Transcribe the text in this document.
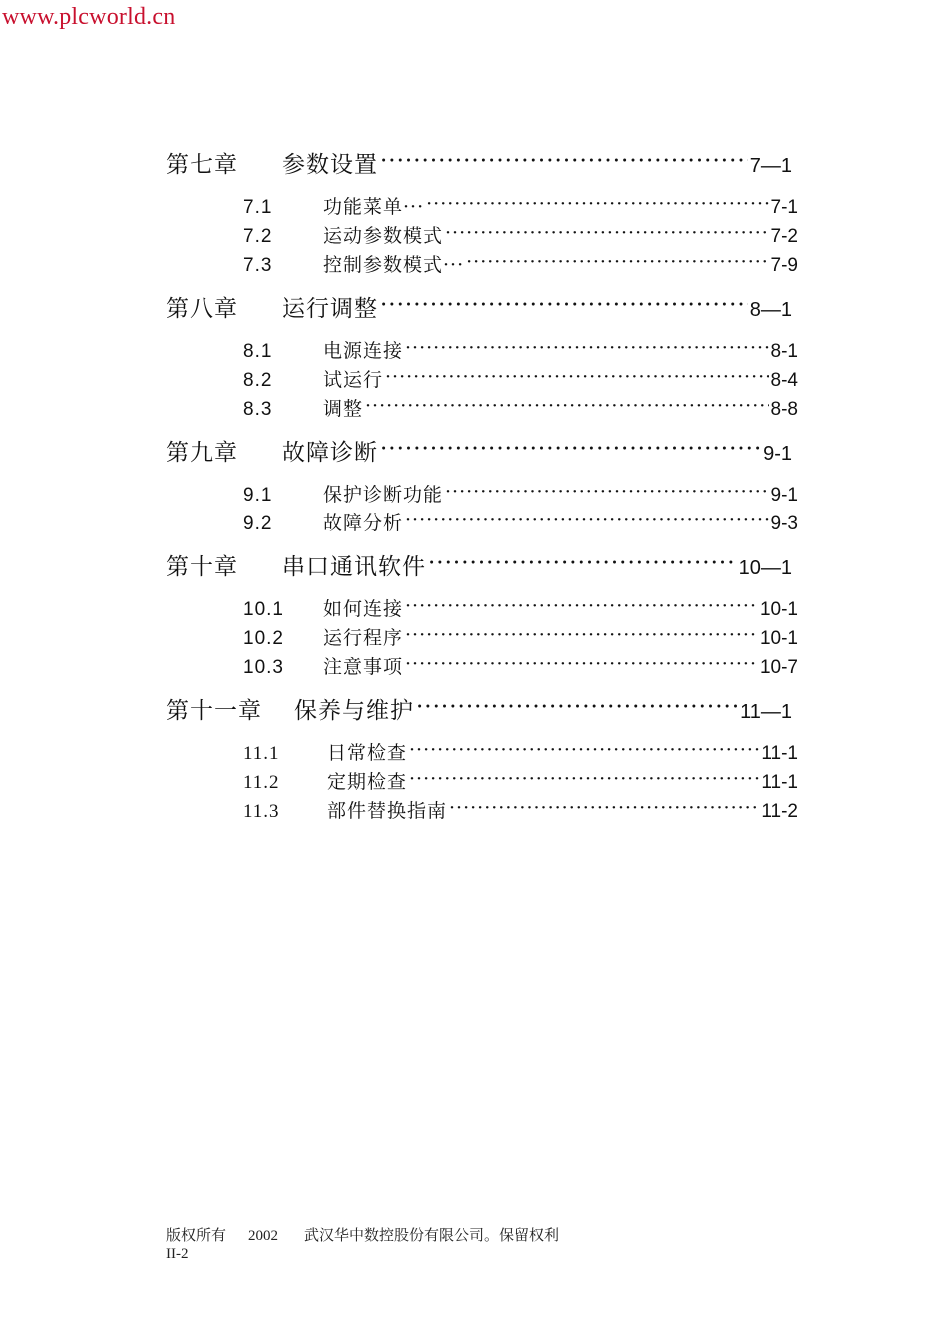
www.plcworld.cn
第七章	参数设置 ·····	7—1
7.1	功能菜单··· ·····	7-1
7.2	运动参数模式 ·····	7-2
7.3	控制参数模式··· ·····	7-9
第八章	运行调整 ·····	8—1
8.1	电源连接 ·····	8-1
8.2	试运行 ·····	8-4
8.3	调整 ·····	8-8
第九章	故障诊断 ·····	9-1
9.1	保护诊断功能 ·····	9-1
9.2	故障分析 ·····	9-3
第十章	串口通讯软件 ·····	10—1
10.1	如何连接 ·····	10-1
10.2	运行程序 ·····	10-1
10.3	注意事项 ·····	10-7
第十一章	保养与维护 ·····	11—1
11.1	日常检查 ·····	11-1
11.2	定期检查 ·····	11-1
11.3	部件替换指南 ·····	11-2
版权所有 2002 武汉华中数控股份有限公司。保留权利
II-2
